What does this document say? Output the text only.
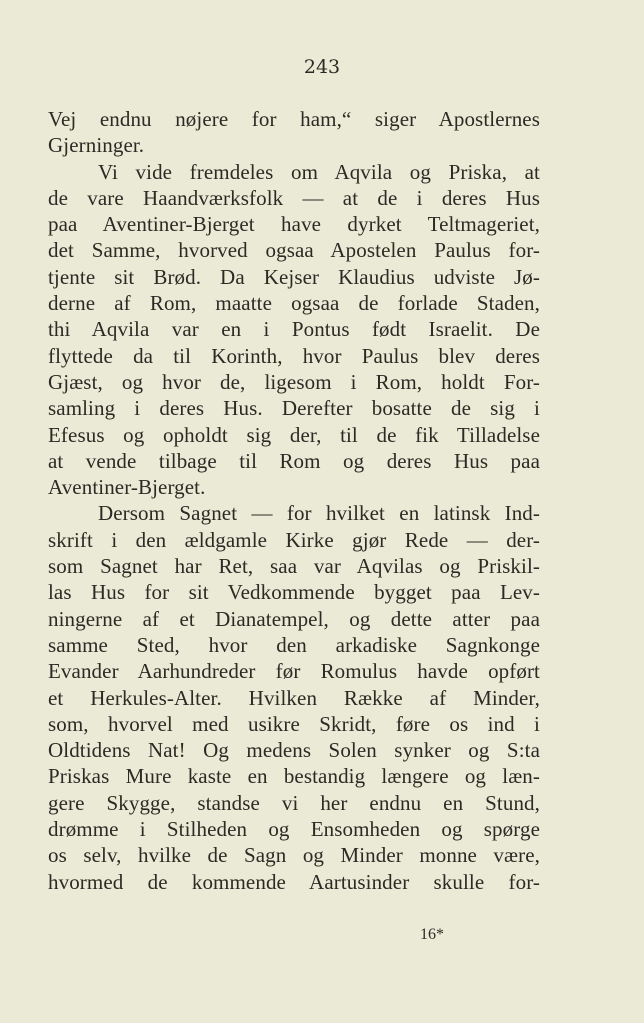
243
Vej endnu nøjere for ham,“ siger Apostlernes
Gjerninger.
Vi vide fremdeles om Aqvila og Priska, at
de vare Haandværksfolk — at de i deres Hus
paa Aventiner-Bjerget have dyrket Teltmageriet,
det Samme, hvorved ogsaa Apostelen Paulus for-
tjente sit Brød. Da Kejser Klaudius udviste Jø-
derne af Rom, maatte ogsaa de forlade Staden,
thi Aqvila var en i Pontus født Israelit. De
flyttede da til Korinth, hvor Paulus blev deres
Gjæst, og hvor de, ligesom i Rom, holdt For-
samling i deres Hus. Derefter bosatte de sig i
Efesus og opholdt sig der, til de fik Tilladelse
at vende tilbage til Rom og deres Hus paa
Aventiner-Bjerget.
Dersom Sagnet — for hvilket en latinsk Ind-
skrift i den ældgamle Kirke gjør Rede — der-
som Sagnet har Ret, saa var Aqvilas og Priskil-
las Hus for sit Vedkommende bygget paa Lev-
ningerne af et Dianatempel, og dette atter paa
samme Sted, hvor den arkadiske Sagnkonge
Evander Aarhundreder før Romulus havde opført
et Herkules-Alter. Hvilken Række af Minder,
som, hvorvel med usikre Skridt, føre os ind i
Oldtidens Nat! Og medens Solen synker og S:ta
Priskas Mure kaste en bestandig længere og læn-
gere Skygge, standse vi her endnu en Stund,
drømme i Stilheden og Ensomheden og spørge
os selv, hvilke de Sagn og Minder monne være,
hvormed de kommende Aartusinder skulle for-
16*
